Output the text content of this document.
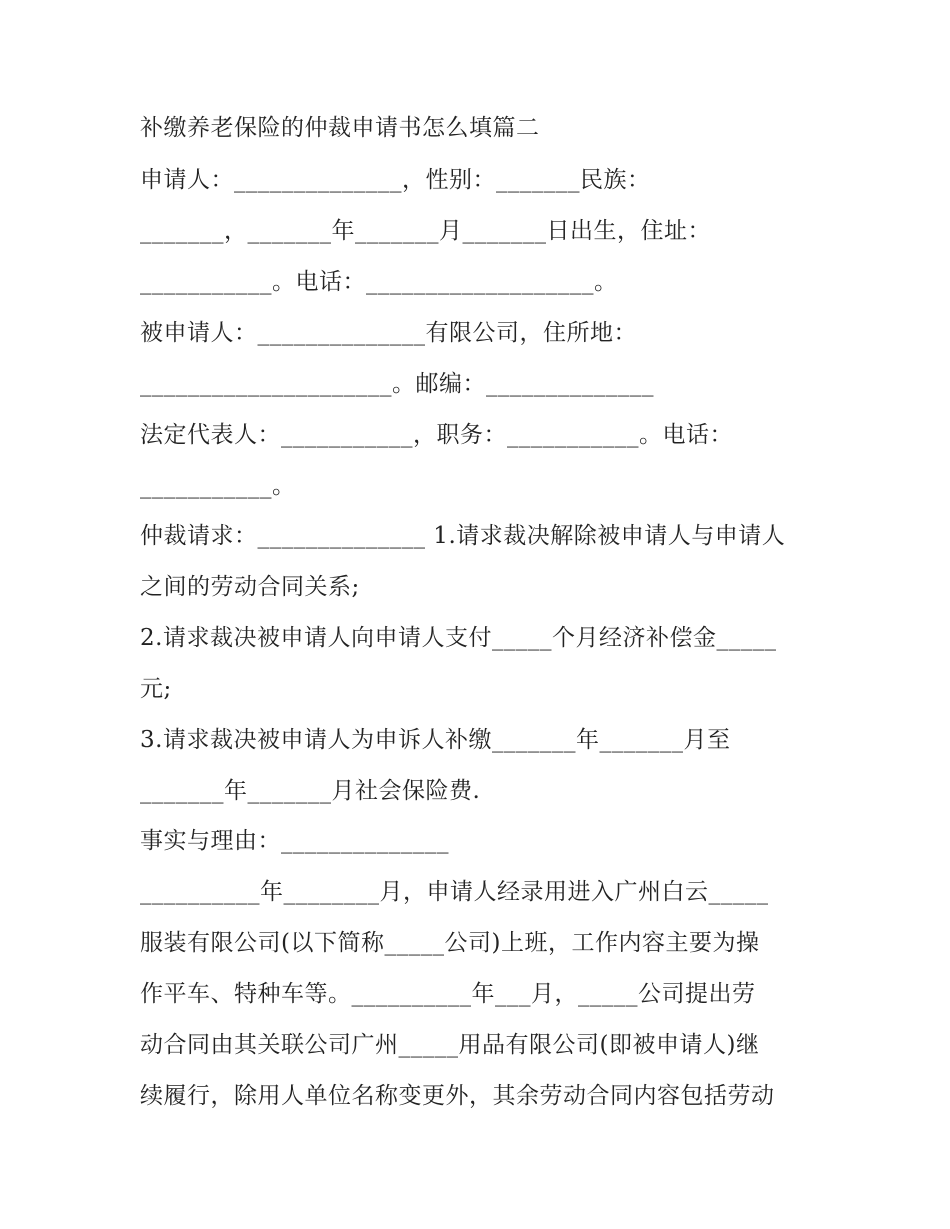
补缴养老保险的仲裁申请书怎么填篇二
申请人：______________，性别：_______民族：
_______，_______年_______月_______日出生，住址：
___________。电话：___________________。
被申请人：______________有限公司，住所地：
_____________________。邮编：______________
法定代表人：___________，职务：___________。电话：
___________。
仲裁请求：______________ 1.请求裁决解除被申请人与申请人
之间的劳动合同关系;
2.请求裁决被申请人向申请人支付_____个月经济补偿金_____
元;
3.请求裁决被申请人为申诉人补缴_______年_______月至
_______年_______月社会保险费.
事实与理由：______________
__________年________月，申请人经录用进入广州白云_____
服装有限公司(以下简称_____公司)上班，工作内容主要为操
作平车、特种车等。__________年___月，_____公司提出劳
动合同由其关联公司广州_____用品有限公司(即被申请人)继
续履行，除用人单位名称变更外，其余劳动合同内容包括劳动
